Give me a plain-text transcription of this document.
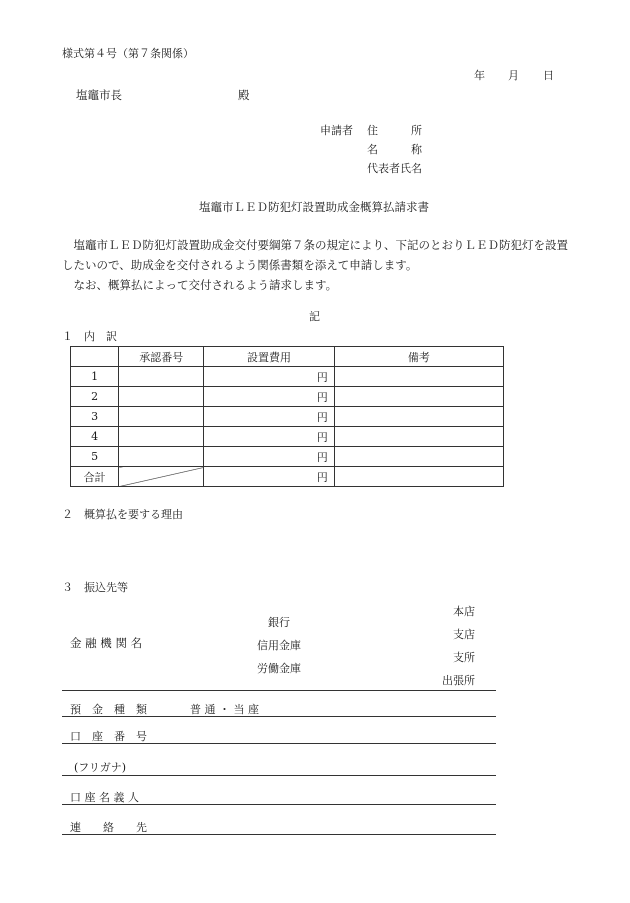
様式第４号（第７条関係）
年 月 日
塩竈市長	殿
申請者 住　　　所
名　　　称
代表者氏名
塩竈市ＬＥＤ防犯灯設置助成金概算払請求書
　塩竈市ＬＥＤ防犯灯設置助成金交付要綱第７条の規定により、下記のとおりＬＥＤ防犯灯を設置したいので、助成金を交付されるよう関係書類を添えて申請します。
　なお、概算払によって交付されるよう請求します。
記
１　内　訳
	承認番号	設置費用	備考
1		円	
2		円	
3		円	
4		円	
5		円	
合計		円	
２　概算払を要する理由
３　振込先等
金 融 機 関 名
銀行
信用金庫
労働金庫
本店
支店
支所
出張所
預　金　種　類	普 通 ・ 当 座
口　座　番　号
(フリガナ)
口 座 名 義 人
連　　絡　　先
